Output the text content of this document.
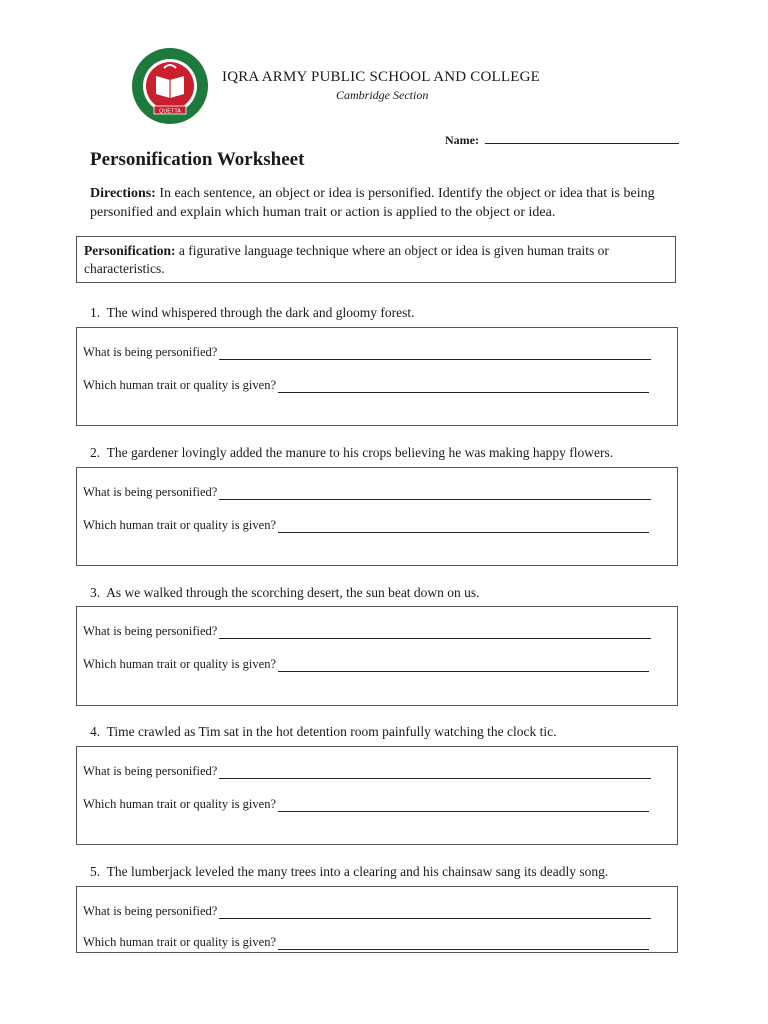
QUETTA
IQRA ARMY PUBLIC SCHOOL AND COLLEGE
Cambridge Section
Name:
Personification Worksheet
Directions: In each sentence, an object or idea is personified. Identify the object or idea that is being personified and explain which human trait or action is applied to the object or idea.
Personification: a figurative language technique where an object or idea is given human traits or characteristics.
1. The wind whispered through the dark and gloomy forest.
What is being personified?
Which human trait or quality is given?
2. The gardener lovingly added the manure to his crops believing he was making happy flowers.
What is being personified?
Which human trait or quality is given?
3. As we walked through the scorching desert, the sun beat down on us.
What is being personified?
Which human trait or quality is given?
4. Time crawled as Tim sat in the hot detention room painfully watching the clock tic.
What is being personified?
Which human trait or quality is given?
5. The lumberjack leveled the many trees into a clearing and his chainsaw sang its deadly song.
What is being personified?
Which human trait or quality is given?
